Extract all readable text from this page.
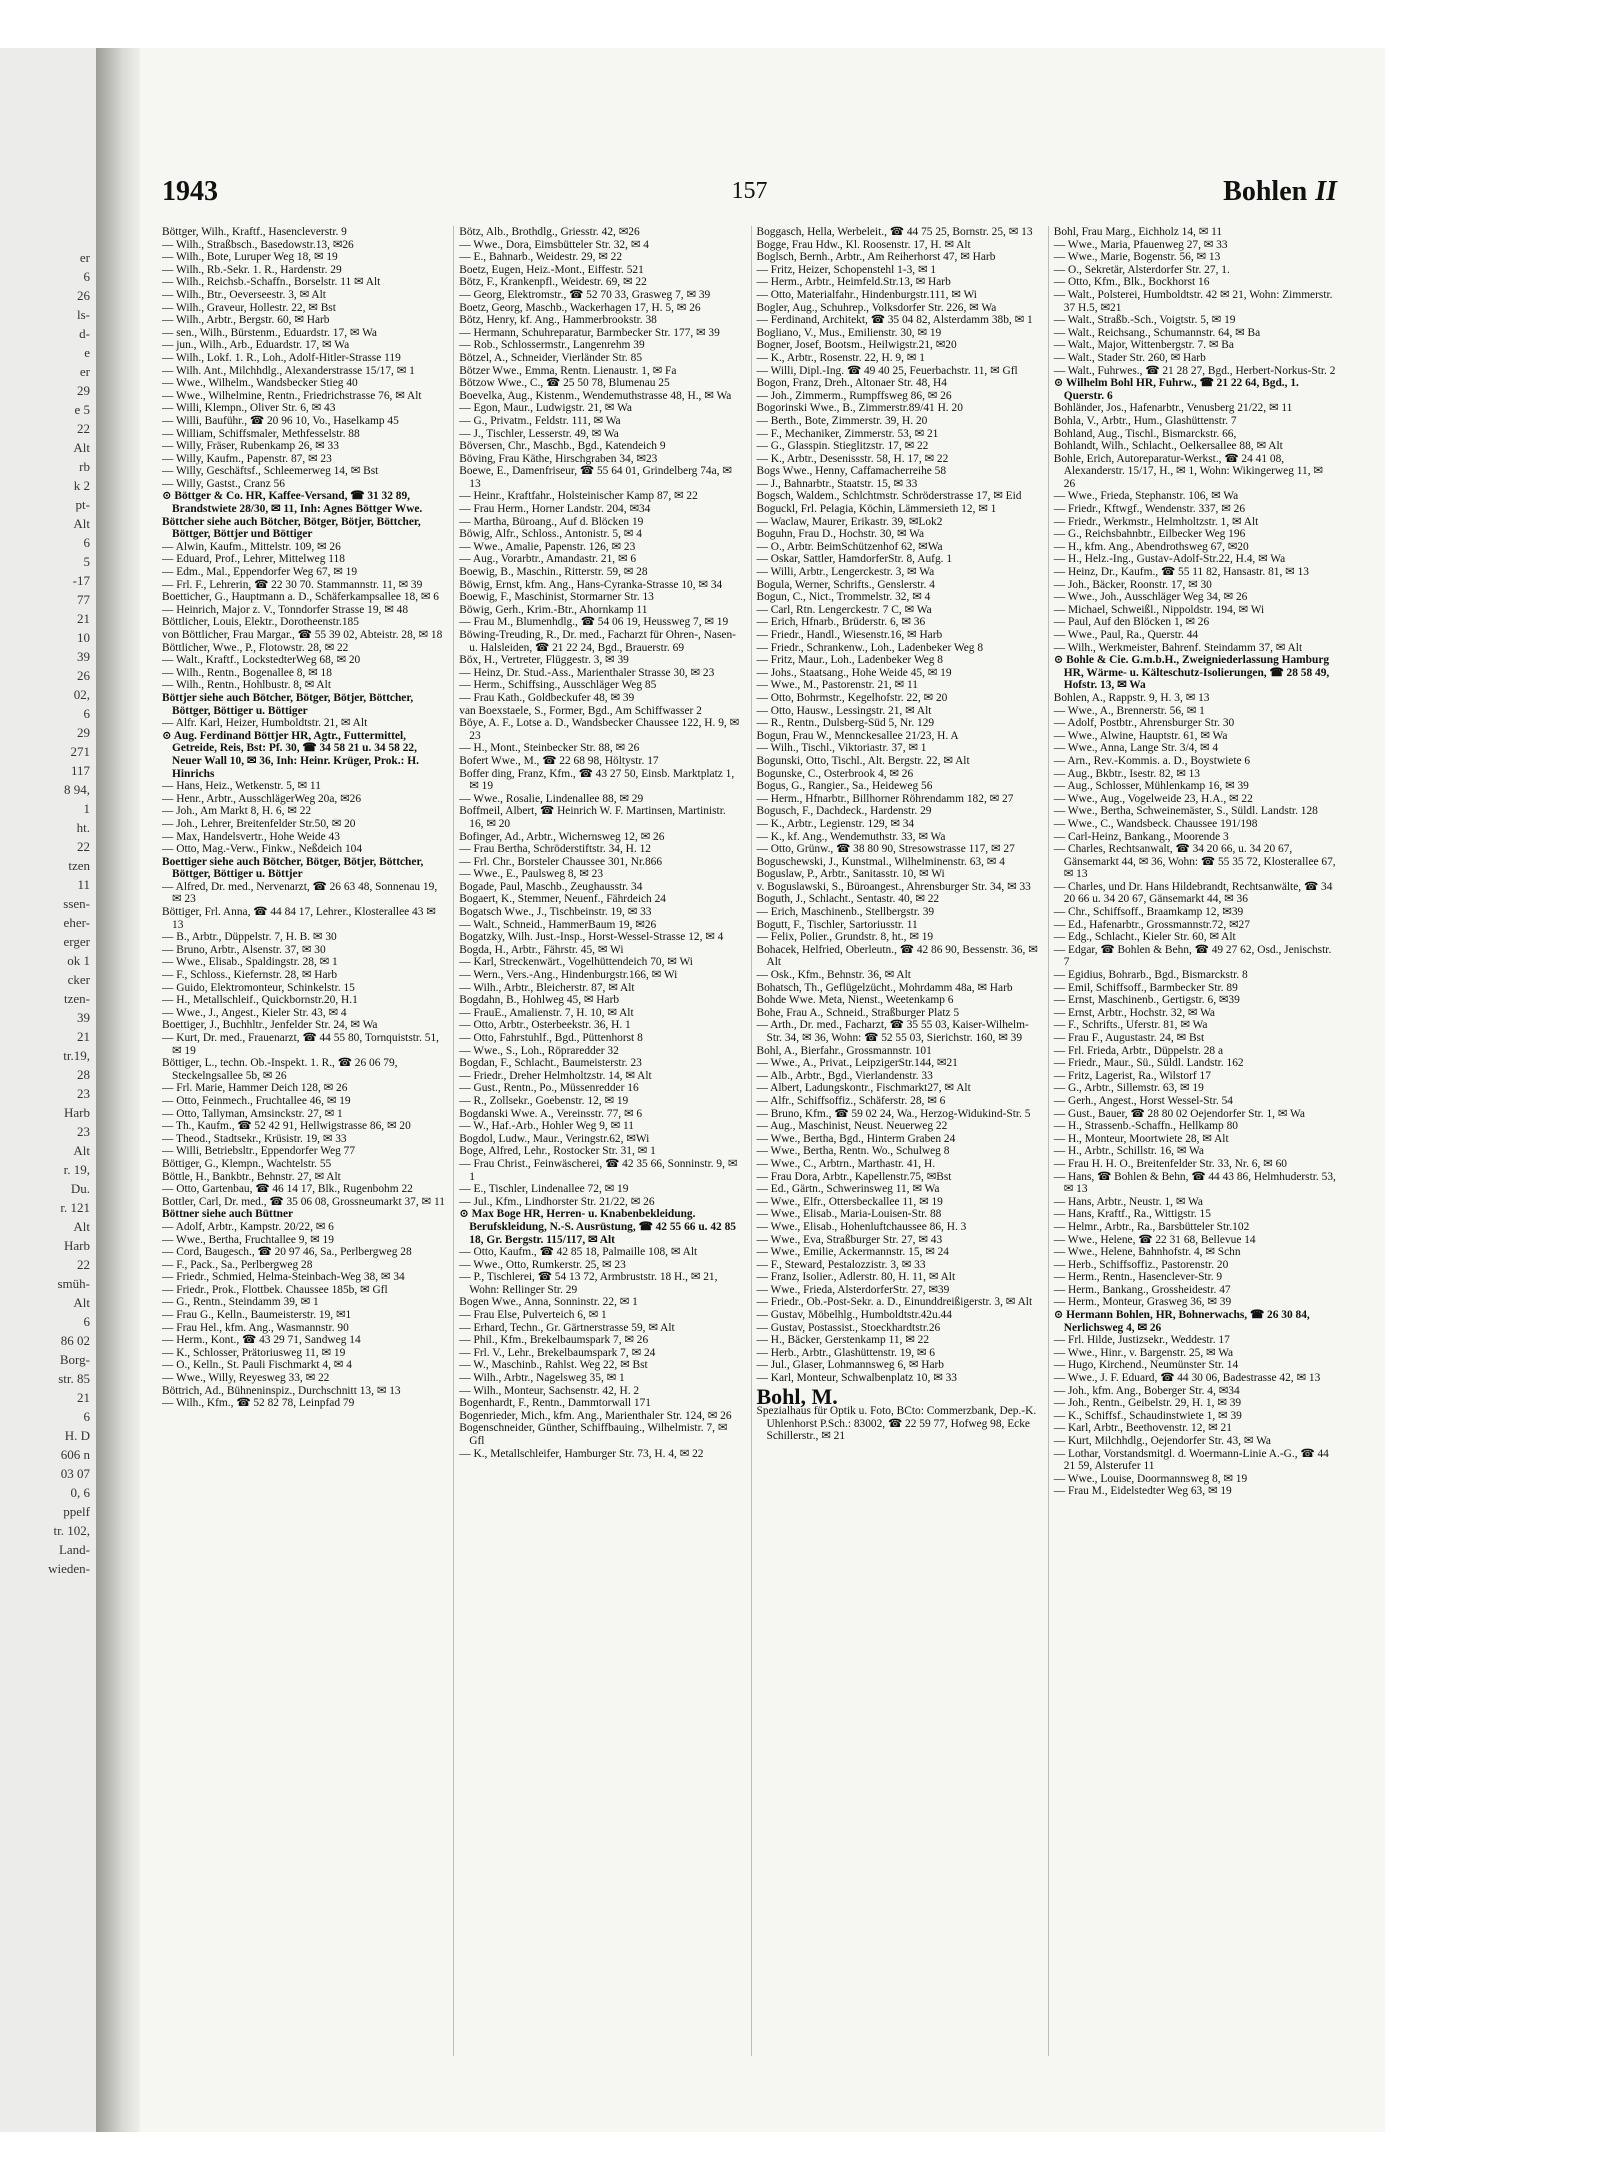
er
6
26
ls-
d-
e
er
29
e 5
22
Alt
rb
k 2
pt-
Alt
6
5
-17
77
21
10
39
26
02,
6
29
271
117
8 94,
1
ht.
22
tzen
11
ssen-
eher-
erger
ok 1
cker
tzen-
39
21
tr.19,
28
23
Harb
23
Alt
r. 19,
Du.
r. 121
Alt
Harb
22
smüh-
Alt
6
86 02
Borg-
str. 85
21
6
H. D
606 n
03 07
0, 6
ppelf
tr. 102,
Land-
wieden-
1943	157	Bohlen II
Böttger, Wilh., Kraftf., Hasencleverstr. 9
— Wilh., Straßbsch., Basedowstr.13, ✉26
— Wilh., Bote, Luruper Weg 18, ✉ 19
— Wilh., Rb.-Sekr. 1. R., Hardenstr. 29
— Wilh., Reichsb.-Schaffn., Borselstr. 11 ✉ Alt
— Wilh., Btr., Oeverseestr. 3, ✉ Alt
— Wilh., Graveur, Hollestr. 22, ✉ Bst
— Wilh., Arbtr., Bergstr. 60, ✉ Harb
— sen., Wilh., Bürstenm., Eduardstr. 17, ✉ Wa
— jun., Wilh., Arb., Eduardstr. 17, ✉ Wa
— Wilh., Lokf. 1. R., Loh., Adolf-Hitler-Strasse 119
— Wilh. Ant., Milchhdlg., Alexanderstrasse 15/17, ✉ 1
— Wwe., Wilhelm., Wandsbecker Stieg 40
— Wwe., Wilhelmine, Rentn., Friedrichstrasse 76, ✉ Alt
— Willi, Klempn., Oliver Str. 6, ✉ 43
— Willi, Bauführ., ☎ 20 96 10, Vo., Haselkamp 45
— William, Schiffsmaler, Methfesselstr. 88
— Willy, Fräser, Rubenkamp 26, ✉ 33
— Willy, Kaufm., Papenstr. 87, ✉ 23
— Willy, Geschäftsf., Schleemerweg 14, ✉ Bst
— Willy, Gastst., Cranz 56
⊙ Böttger & Co. HR, Kaffee-Versand, ☎ 31 32 89, Brandstwiete 28/30, ✉ 11, Inh: Agnes Böttger Wwe.
Böttcher siehe auch Bötcher, Bötger, Bötjer, Böttcher, Böttger, Böttjer und Böttiger
— Alwin, Kaufm., Mittelstr. 109, ✉ 26
— Eduard, Prof., Lehrer, Mittelweg 118
— Edm., Mal., Eppendorfer Weg 67, ✉ 19
— Frl. F., Lehrerin, ☎ 22 30 70. Stammannstr. 11, ✉ 39
Boetticher, G., Hauptmann a. D., Schäferkampsallee 18, ✉ 6
— Heinrich, Major z. V., Tonndorfer Strasse 19, ✉ 48
Böttlicher, Louis, Elektr., Dorotheenstr.185
von Böttlicher, Frau Margar., ☎ 55 39 02, Abteistr. 28, ✉ 18
Böttlicher, Wwe., P., Flotowstr. 28, ✉ 22
— Walt., Kraftf., LockstedterWeg 68, ✉ 20
— Wilh., Rentn., Bogenallee 8, ✉ 18
— Wilh., Rentn., Hohlbustr. 8, ✉ Alt
Böttjer siehe auch Bötcher, Bötger, Bötjer, Böttcher, Böttger, Böttiger u. Böttiger
— Alfr. Karl, Heizer, Humboldtstr. 21, ✉ Alt
⊙ Aug. Ferdinand Böttjer HR, Agtr., Futtermittel, Getreide, Reis, Bst: Pf. 30, ☎ 34 58 21 u. 34 58 22, Neuer Wall 10, ✉ 36, Inh: Heinr. Krüger, Prok.: H. Hinrichs
— Hans, Heiz., Wetkenstr. 5, ✉ 11
— Henr., Arbtr., AusschlägerWeg 20a, ✉26
— Joh., Am Markt 8, H. 6, ✉ 22
— Joh., Lehrer, Breitenfelder Str.50, ✉ 20
— Max, Handelsvertr., Hohe Weide 43
— Otto, Mag.-Verw., Finkw., Neßdeich 104
Boettiger siehe auch Bötcher, Bötger, Bötjer, Böttcher, Böttger, Böttiger u. Böttjer
— Alfred, Dr. med., Nervenarzt, ☎ 26 63 48, Sonnenau 19, ✉ 23
Böttiger, Frl. Anna, ☎ 44 84 17, Lehrer., Klosterallee 43 ✉ 13
— B., Arbtr., Düppelstr. 7, H. B. ✉ 30
— Bruno, Arbtr., Alsenstr. 37, ✉ 30
— Wwe., Elisab., Spaldingstr. 28, ✉ 1
— F., Schloss., Kiefernstr. 28, ✉ Harb
— Guido, Elektromonteur, Schinkelstr. 15
— H., Metallschleif., Quickbornstr.20, H.1
— Wwe., J., Angest., Kieler Str. 43, ✉ 4
Boettiger, J., Buchhltr., Jenfelder Str. 24, ✉ Wa
— Kurt, Dr. med., Frauenarzt, ☎ 44 55 80, Tornquiststr. 51, ✉ 19
Böttiger, L., techn. Ob.-Inspekt. 1. R., ☎ 26 06 79, Steckelngsallee 5b, ✉ 26
— Frl. Marie, Hammer Deich 128, ✉ 26
— Otto, Feinmech., Fruchtallee 46, ✉ 19
— Otto, Tallyman, Amsinckstr. 27, ✉ 1
— Th., Kaufm., ☎ 52 42 91, Hellwigstrasse 86, ✉ 20
— Theod., Stadtsekr., Krüsistr. 19, ✉ 33
— Willi, Betriebsltr., Eppendorfer Weg 77
Böttiger, G., Klempn., Wachtelstr. 55
Böttle, H., Bankbtr., Behnstr. 27, ✉ Alt
— Otto, Gartenbau, ☎ 46 14 17, Blk., Rugenbohm 22
Bottler, Carl, Dr. med., ☎ 35 06 08, Grossneumarkt 37, ✉ 11
Böttner siehe auch Büttner
— Adolf, Arbtr., Kampstr. 20/22, ✉ 6
— Wwe., Bertha, Fruchtallee 9, ✉ 19
— Cord, Baugesch., ☎ 20 97 46, Sa., Perlbergweg 28
— F., Pack., Sa., Perlbergweg 28
— Friedr., Schmied, Helma-Steinbach-Weg 38, ✉ 34
— Friedr., Prok., Flottbek. Chaussee 185b, ✉ Gfl
— G., Rentn., Steindamm 39, ✉ 1
— Frau G., Kelln., Baumeisterstr. 19, ✉1
— Frau Hel., kfm. Ang., Wasmannstr. 90
— Herm., Kont., ☎ 43 29 71, Sandweg 14
— K., Schlosser, Prätoriusweg 11, ✉ 19
— O., Kelln., St. Pauli Fischmarkt 4, ✉ 4
— Wwe., Willy, Reyesweg 33, ✉ 22
Böttrich, Ad., Bühneninspiz., Durchschnitt 13, ✉ 13
— Wilh., Kfm., ☎ 52 82 78, Leinpfad 79
Bötz, Alb., Brothdlg., Griesstr. 42, ✉26
— Wwe., Dora, Eimsbütteler Str. 32, ✉ 4
— E., Bahnarb., Weidestr. 29, ✉ 22
Boetz, Eugen, Heiz.-Mont., Eiffestr. 521
Bötz, F., Krankenpfl., Weidestr. 69, ✉ 22
— Georg, Elektromstr., ☎ 52 70 33, Grasweg 7, ✉ 39
Boetz, Georg, Maschb., Wackerhagen 17, H. 5, ✉ 26
Bötz, Henry, kf. Ang., Hammerbrookstr. 38
— Hermann, Schuhreparatur, Barmbecker Str. 177, ✉ 39
— Rob., Schlossermstr., Langenrehm 39
Bötzel, A., Schneider, Vierländer Str. 85
Bötzer Wwe., Emma, Rentn. Lienaustr. 1, ✉ Fa
Bötzow Wwe., C., ☎ 25 50 78, Blumenau 25
Boevelka, Aug., Kistenm., Wendemuthstrasse 48, H., ✉ Wa
— Egon, Maur., Ludwigstr. 21, ✉ Wa
— G., Privatm., Feldstr. 111, ✉ Wa
— J., Tischler, Lesserstr. 49, ✉ Wa
Böversen, Chr., Maschb., Bgd., Katendeich 9
Böving, Frau Käthe, Hirschgraben 34, ✉23
Boewe, E., Damenfriseur, ☎ 55 64 01, Grindelberg 74a, ✉ 13
— Heinr., Kraftfahr., Holsteinischer Kamp 87, ✉ 22
— Frau Herm., Horner Landstr. 204, ✉34
— Martha, Büroang., Auf d. Blöcken 19
Böwig, Alfr., Schloss., Antonistr. 5, ✉ 4
— Wwe., Amalie, Papenstr. 126, ✉ 23
— Aug., Vorarbtr., Amandastr. 21, ✉ 6
Boewig, B., Maschin., Ritterstr. 59, ✉ 28
Böwig, Ernst, kfm. Ang., Hans-Cyranka-Strasse 10, ✉ 34
Boewig, F., Maschinist, Stormarner Str. 13
Böwig, Gerh., Krim.-Btr., Ahornkamp 11
— Frau M., Blumenhdlg., ☎ 54 06 19, Heussweg 7, ✉ 19
Böwing-Treuding, R., Dr. med., Facharzt für Ohren-, Nasen- u. Halsleiden, ☎ 21 22 24, Bgd., Brauerstr. 69
Böx, H., Vertreter, Flüggestr. 3, ✉ 39
— Heinz, Dr. Stud.-Ass., Marienthaler Strasse 30, ✉ 23
— Herm., Schiffsing., Ausschläger Weg 85
— Frau Kath., Goldbeckufer 48, ✉ 39
van Boexstaele, S., Former, Bgd., Am Schiffwasser 2
Böye, A. F., Lotse a. D., Wandsbecker Chaussee 122, H. 9, ✉ 23
— H., Mont., Steinbecker Str. 88, ✉ 26
Bofert Wwe., M., ☎ 22 68 98, Höltystr. 17
Boffer ding, Franz, Kfm., ☎ 43 27 50, Einsb. Marktplatz 1, ✉ 19
— Wwe., Rosalie, Lindenallee 88, ✉ 29
Boffmeil, Albert, ☎ Heinrich W. F. Martinsen, Martinistr. 16, ✉ 20
Bofinger, Ad., Arbtr., Wichernsweg 12, ✉ 26
— Frau Bertha, Schröderstiftstr. 34, H. 12
— Frl. Chr., Borsteler Chaussee 301, Nr.866
— Wwe., E., Paulsweg 8, ✉ 23
Bogade, Paul, Maschb., Zeughausstr. 34
Bogaert, K., Stemmer, Neuenf., Fährdeich 24
Bogatsch Wwe., J., Tischbeinstr. 19, ✉ 33
— Walt., Schneid., HammerBaum 19, ✉26
Bogatzky, Wilh. Just.-Insp., Horst-Wessel-Strasse 12, ✉ 4
Bogda, H., Arbtr., Fährstr. 45, ✉ Wi
— Karl, Streckenwärt., Vogelhüttendeich 70, ✉ Wi
— Wern., Vers.-Ang., Hindenburgstr.166, ✉ Wi
— Wilh., Arbtr., Bleicherstr. 87, ✉ Alt
Bogdahn, B., Hohlweg 45, ✉ Harb
— FrauE., Amalienstr. 7, H. 10, ✉ Alt
— Otto, Arbtr., Osterbeekstr. 36, H. 1
— Otto, Fahrstuhlf., Bgd., Püttenhorst 8
— Wwe., S., Loh., Röpraredder 32
Bogdan, F., Schlacht., Baumeisterstr. 23
— Friedr., Dreher Helmholtzstr. 14, ✉ Alt
— Gust., Rentn., Po., Müssenredder 16
— R., Zollsekr., Goebenstr. 12, ✉ 19
Bogdanski Wwe. A., Vereinsstr. 77, ✉ 6
— W., Haf.-Arb., Hohler Weg 9, ✉ 11
Bogdol, Ludw., Maur., Veringstr.62, ✉Wi
Boge, Alfred, Lehr., Rostocker Str. 31, ✉ 1
— Frau Christ., Feinwäscherei, ☎ 42 35 66, Sonninstr. 9, ✉ 1
— E., Tischler, Lindenallee 72, ✉ 19
— Jul., Kfm., Lindhorster Str. 21/22, ✉ 26
⊙ Max Boge HR, Herren- u. Knabenbekleidung. Berufskleidung, N.-S. Ausrüstung, ☎ 42 55 66 u. 42 85 18, Gr. Bergstr. 115/117, ✉ Alt
— Otto, Kaufm., ☎ 42 85 18, Palmaille 108, ✉ Alt
— Wwe., Otto, Rumkerstr. 25, ✉ 23
— P., Tischlerei, ☎ 54 13 72, Armbruststr. 18 H., ✉ 21, Wohn: Rellinger Str. 29
Bogen Wwe., Anna, Sonninstr. 22, ✉ 1
— Frau Else, Pulverteich 6, ✉ 1
— Erhard, Techn., Gr. Gärtnerstrasse 59, ✉ Alt
— Phil., Kfm., Brekelbaumspark 7, ✉ 26
— Frl. V., Lehr., Brekelbaumspark 7, ✉ 24
— W., Maschinb., Rahlst. Weg 22, ✉ Bst
— Wilh., Arbtr., Nagelsweg 35, ✉ 1
— Wilh., Monteur, Sachsenstr. 42, H. 2
Bogenhardt, F., Rentn., Dammtorwall 171
Bogenrieder, Mich., kfm. Ang., Marienthaler Str. 124, ✉ 26
Bogenschneider, Günther, Schiffbauing., Wilhelmistr. 7, ✉ Gfl
— K., Metallschleifer, Hamburger Str. 73, H. 4, ✉ 22
Boggasch, Hella, Werbeleit., ☎ 44 75 25, Bornstr. 25, ✉ 13
Bogge, Frau Hdw., Kl. Roosenstr. 17, H. ✉ Alt
Boglsch, Bernh., Arbtr., Am Reiherhorst 47, ✉ Harb
— Fritz, Heizer, Schopenstehl 1-3, ✉ 1
— Herm., Arbtr., Heimfeld.Str.13, ✉ Harb
— Otto, Materialfahr., Hindenburgstr.111, ✉ Wi
Bogler, Aug., Schuhrep., Volksdorfer Str. 226, ✉ Wa
— Ferdinand, Architekt, ☎ 35 04 82, Alsterdamm 38b, ✉ 1
Bogliano, V., Mus., Emilienstr. 30, ✉ 19
Bogner, Josef, Bootsm., Heilwigstr.21, ✉20
— K., Arbtr., Rosenstr. 22, H. 9, ✉ 1
— Willi, Dipl.-Ing. ☎ 49 40 25, Feuerbachstr. 11, ✉ Gfl
Bogon, Franz, Dreh., Altonaer Str. 48, H4
— Joh., Zimmerm., Rumpffsweg 86, ✉ 26
Bogorinski Wwe., B., Zimmerstr.89/41 H. 20
— Berth., Bote, Zimmerstr. 39, H. 20
— F., Mechaniker, Zimmerstr. 53, ✉ 21
— G., Glasspin. Stieglitzstr. 17, ✉ 22
— K., Arbtr., Desenissstr. 58, H. 17, ✉ 22
Bogs Wwe., Henny, Caffamacherreihe 58
— J., Bahnarbtr., Staatstr. 15, ✉ 33
Bogsch, Waldem., Schlchtmstr. Schröderstrasse 17, ✉ Eid
Boguckl, Frl. Pelagia, Köchin, Lämmersieth 12, ✉ 1
— Waclaw, Maurer, Erikastr. 39, ✉Lok2
Boguhn, Frau D., Hochstr. 30, ✉ Wa
— O., Arbtr. BeimSchützenhof 62, ✉Wa
— Oskar, Sattler, HamdorferStr. 8, Aufg. 1
— Willi, Arbtr., Lengerckestr. 3, ✉ Wa
Bogula, Werner, Schrifts., Genslerstr. 4
Bogun, C., Nict., Trommelstr. 32, ✉ 4
— Carl, Rtn. Lengerckestr. 7 C, ✉ Wa
— Erich, Hfnarb., Brüderstr. 6, ✉ 36
— Friedr., Handl., Wiesenstr.16, ✉ Harb
— Friedr., Schrankenw., Loh., Ladenbeker Weg 8
— Fritz, Maur., Loh., Ladenbeker Weg 8
— Johs., Staatsang., Hohe Weide 45, ✉ 19
— Wwe., M., Pastorenstr. 21, ✉ 11
— Otto, Bohrmstr., Kegelhofstr. 22, ✉ 20
— Otto, Hausw., Lessingstr. 21, ✉ Alt
— R., Rentn., Dulsberg-Süd 5, Nr. 129
Bogun, Frau W., Mennckesallee 21/23, H. A
— Wilh., Tischl., Viktoriastr. 37, ✉ 1
Bogunski, Otto, Tischl., Alt. Bergstr. 22, ✉ Alt
Bogunske, C., Osterbrook 4, ✉ 26
Bogus, G., Rangier., Sa., Heideweg 56
— Herm., Hfnarbtr., Billhorner Röhrendamm 182, ✉ 27
Bogusch, F., Dachdeck., Hardenstr. 29
— K., Arbtr., Legienstr. 129, ✉ 34
— K., kf. Ang., Wendemuthstr. 33, ✉ Wa
— Otto, Grünw., ☎ 38 80 90, Stresowstrasse 117, ✉ 27
Boguschewski, J., Kunstmal., Wilhelminenstr. 63, ✉ 4
Boguslaw, P., Arbtr., Sanitasstr. 10, ✉ Wi
v. Boguslawski, S., Büroangest., Ahrensburger Str. 34, ✉ 33
Boguth, J., Schlacht., Sentastr. 40, ✉ 22
— Erich, Maschinenb., Stellbergstr. 39
Bogutt, F., Tischler, Sartoriusstr. 11
— Felix, Polier., Grundstr. 8, ht., ✉ 19
Bohacek, Helfried, Oberleutn., ☎ 42 86 90, Bessenstr. 36, ✉ Alt
— Osk., Kfm., Behnstr. 36, ✉ Alt
Bohatsch, Th., Geflügelzücht., Mohrdamm 48a, ✉ Harb
Bohde Wwe. Meta, Nienst., Weetenkamp 6
Bohe, Frau A., Schneid., Straßburger Platz 5
— Arth., Dr. med., Facharzt, ☎ 35 55 03, Kaiser-Wilhelm-Str. 34, ✉ 36, Wohn: ☎ 52 55 03, Sierichstr. 160, ✉ 39
Bohl, A., Bierfahr., Grossmannstr. 101
— Wwe., A., Privat., LeipzigerStr.144, ✉21
— Alb., Arbtr., Bgd., Vierlandenstr. 33
— Albert, Ladungskontr., Fischmarkt27, ✉ Alt
— Alfr., Schiffsoffiz., Schäferstr. 28, ✉ 6
— Bruno, Kfm., ☎ 59 02 24, Wa., Herzog-Widukind-Str. 5
— Aug., Maschinist, Neust. Neuerweg 22
— Wwe., Bertha, Bgd., Hinterm Graben 24
— Wwe., Bertha, Rentn. Wo., Schulweg 8
— Wwe., C., Arbtrn., Marthastr. 41, H.
— Frau Dora, Arbtr., Kapellenstr.75, ✉Bst
— Ed., Gärtn., Schwerinsweg 11, ✉ Wa
— Wwe., Elfr., Ottersbeckallee 11, ✉ 19
— Wwe., Elisab., Maria-Louisen-Str. 88
— Wwe., Elisab., Hohenluftchaussee 86, H. 3
— Wwe., Eva, Straßburger Str. 27, ✉ 43
— Wwe., Emilie, Ackermannstr. 15, ✉ 24
— F., Steward, Pestalozzistr. 3, ✉ 33
— Franz, Isolier., Adlerstr. 80, H. 11, ✉ Alt
— Wwe., Frieda, AlsterdorferStr. 27, ✉39
— Friedr., Ob.-Post-Sekr. a. D., Einunddreißigerstr. 3, ✉ Alt
— Gustav, Möbelhlg., Humboldtstr.42u.44
— Gustav, Postassist., Stoeckhardtstr.26
— H., Bäcker, Gerstenkamp 11, ✉ 22
— Herb., Arbtr., Glashüttenstr. 19, ✉ 6
— Jul., Glaser, Lohmannsweg 6, ✉ Harb
— Karl, Monteur, Schwalbenplatz 10, ✉ 33
Bohl, M.
Spezialhaus für Optik u. Foto, BCto: Commerzbank, Dep.-K. Uhlenhorst P.Sch.: 83002, ☎ 22 59 77, Hofweg 98, Ecke Schillerstr., ✉ 21
Bohl, Frau Marg., Eichholz 14, ✉ 11
— Wwe., Maria, Pfauenweg 27, ✉ 33
— Wwe., Marie, Bogenstr. 56, ✉ 13
— O., Sekretär, Alsterdorfer Str. 27, 1.
— Otto, Kfm., Blk., Bockhorst 16
— Walt., Polsterei, Humboldtstr. 42 ✉ 21, Wohn: Zimmerstr. 37 H.5, ✉21
— Walt., Straßb.-Sch., Voigtstr. 5, ✉ 19
— Walt., Reichsang., Schumannstr. 64, ✉ Ba
— Walt., Major, Wittenbergstr. 7. ✉ Ba
— Walt., Stader Str. 260, ✉ Harb
— Walt., Fuhrwes., ☎ 21 28 27, Bgd., Herbert-Norkus-Str. 2
⊙ Wilhelm Bohl HR, Fuhrw., ☎ 21 22 64, Bgd., 1. Querstr. 6
Bohländer, Jos., Hafenarbtr., Venusberg 21/22, ✉ 11
Bohla, V., Arbtr., Hum., Glashüttenstr. 7
Bohland, Aug., Tischl., Bismarckstr. 66,
Bohlandt, Wilh., Schlacht., Oelkersallee 88, ✉ Alt
Bohle, Erich, Autoreparatur-Werkst., ☎ 24 41 08, Alexanderstr. 15/17, H., ✉ 1, Wohn: Wikingerweg 11, ✉ 26
— Wwe., Frieda, Stephanstr. 106, ✉ Wa
— Friedr., Kftwgf., Wendenstr. 337, ✉ 26
— Friedr., Werkmstr., Helmholtzstr. 1, ✉ Alt
— G., Reichsbahnbtr., Eilbecker Weg 196
— H., kfm. Ang., Abendrothsweg 67, ✉20
— H., Helz.-Ing., Gustav-Adolf-Str.22, H.4, ✉ Wa
— Heinz, Dr., Kaufm., ☎ 55 11 82, Hansastr. 81, ✉ 13
— Joh., Bäcker, Roonstr. 17, ✉ 30
— Wwe., Joh., Ausschläger Weg 34, ✉ 26
— Michael, Schweißl., Nippoldstr. 194, ✉ Wi
— Paul, Auf den Blöcken 1, ✉ 26
— Wwe., Paul, Ra., Querstr. 44
— Wilh., Werkmeister, Bahrenf. Steindamm 37, ✉ Alt
⊙ Bohle & Cie. G.m.b.H., Zweigniederlassung Hamburg HR, Wärme- u. Kälteschutz-Isolierungen, ☎ 28 58 49, Hofstr. 13, ✉ Wa
Bohlen, A., Rappstr. 9, H. 3, ✉ 13
— Wwe., A., Brennerstr. 56, ✉ 1
— Adolf, Postbtr., Ahrensburger Str. 30
— Wwe., Alwine, Hauptstr. 61, ✉ Wa
— Wwe., Anna, Lange Str. 3/4, ✉ 4
— Arn., Rev.-Kommis. a. D., Boystwiete 6
— Aug., Bkbtr., Isestr. 82, ✉ 13
— Aug., Schlosser, Mühlenkamp 16, ✉ 39
— Wwe., Aug., Vogelweide 23, H.A., ✉ 22
— Wwe., Bertha, Schweinemäster, S., Süldl. Landstr. 128
— Wwe., C., Wandsbeck. Chaussee 191/198
— Carl-Heinz, Bankang., Moorende 3
— Charles, Rechtsanwalt, ☎ 34 20 66, u. 34 20 67, Gänsemarkt 44, ✉ 36, Wohn: ☎ 55 35 72, Klosterallee 67, ✉ 13
— Charles, und Dr. Hans Hildebrandt, Rechtsanwälte, ☎ 34 20 66 u. 34 20 67, Gänsemarkt 44, ✉ 36
— Chr., Schiffsoff., Braamkamp 12, ✉39
— Ed., Hafenarbtr., Grossmannstr.72, ✉27
— Edg., Schlacht., Kieler Str. 60, ✉ Alt
— Edgar, ☎ Bohlen & Behn, ☎ 49 27 62, Osd., Jenischstr. 7
— Egidius, Bohrarb., Bgd., Bismarckstr. 8
— Emil, Schiffsoff., Barmbecker Str. 89
— Ernst, Maschinenb., Gertigstr. 6, ✉39
— Ernst, Arbtr., Hochstr. 32, ✉ Wa
— F., Schrifts., Uferstr. 81, ✉ Wa
— Frau F., Augustastr. 24, ✉ Bst
— Frl. Frieda, Arbtr., Düppelstr. 28 a
— Friedr., Maur., Sü., Süldl. Landstr. 162
— Fritz, Lagerist, Ra., Wilstorf 17
— G., Arbtr., Sillemstr. 63, ✉ 19
— Gerh., Angest., Horst Wessel-Str. 54
— Gust., Bauer, ☎ 28 80 02 Oejendorfer Str. 1, ✉ Wa
— H., Strassenb.-Schaffn., Hellkamp 80
— H., Monteur, Moortwiete 28, ✉ Alt
— H., Arbtr., Schillstr. 16, ✉ Wa
— Frau H. H. O., Breitenfelder Str. 33, Nr. 6, ✉ 60
— Hans, ☎ Bohlen & Behn, ☎ 44 43 86, Helmhuderstr. 53, ✉ 13
— Hans, Arbtr., Neustr. 1, ✉ Wa
— Hans, Kraftf., Ra., Wittigstr. 15
— Helmr., Arbtr., Ra., Barsbütteler Str.102
— Wwe., Helene, ☎ 22 31 68, Bellevue 14
— Wwe., Helene, Bahnhofstr. 4, ✉ Schn
— Herb., Schiffsoffiz., Pastorenstr. 20
— Herm., Rentn., Hasenclever-Str. 9
— Herm., Bankang., Grossheidestr. 47
— Herm., Monteur, Grasweg 36, ✉ 39
⊙ Hermann Bohlen, HR, Bohnerwachs, ☎ 26 30 84, Nerlichsweg 4, ✉ 26
— Frl. Hilde, Justizsekr., Weddestr. 17
— Wwe., Hinr., v. Bargenstr. 25, ✉ Wa
— Hugo, Kirchend., Neumünster Str. 14
— Wwe., J. F. Eduard, ☎ 44 30 06, Badestrasse 42, ✉ 13
— Joh., kfm. Ang., Boberger Str. 4, ✉34
— Joh., Rentn., Geibelstr. 29, H. 1, ✉ 39
— K., Schiffsf., Schaudinstwiete 1, ✉ 39
— Karl, Arbtr., Beethovenstr. 12, ✉ 21
— Kurt, Milchhdlg., Oejendorfer Str. 43, ✉ Wa
— Lothar, Vorstandsmitgl. d. Woermann-Linie A.-G., ☎ 44 21 59, Alsterufer 11
— Wwe., Louise, Doormannsweg 8, ✉ 19
— Frau M., Eidelstedter Weg 63, ✉ 19
